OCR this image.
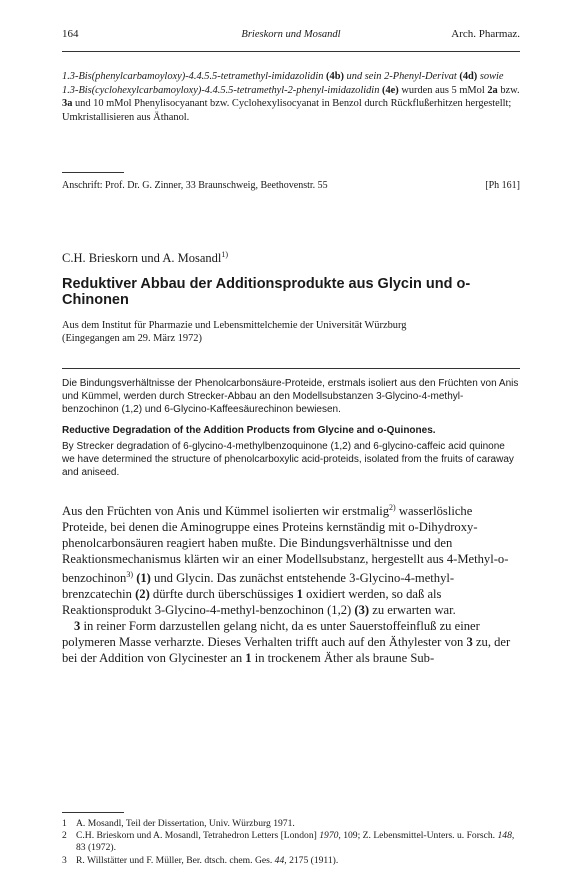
164	Brieskorn und Mosandl	Arch. Pharmaz.
1.3-Bis(phenylcarbamoyloxy)-4.4.5.5-tetramethyl-imidazolidin (4b) und sein 2-Phenyl-Derivat (4d) sowie 1.3-Bis(cyclohexylcarbamoyloxy)-4.4.5.5-tetramethyl-2-phenyl-imidazolidin (4e) wurden aus 5 mMol 2a bzw. 3a und 10 mMol Phenylisocyanant bzw. Cyclohexylisocyanat in Benzol durch Rückflußerhitzen hergestellt; Umkristallisieren aus Äthanol.
Anschrift: Prof. Dr. G. Zinner, 33 Braunschweig, Beethovenstr. 55	[Ph 161]
C.H. Brieskorn und A. Mosandl$^{1)}$
Reduktiver Abbau der Additionsprodukte aus Glycin und o-Chinonen
Aus dem Institut für Pharmazie und Lebensmittelchemie der Universität Würzburg
(Eingegangen am 29. März 1972)
Die Bindungsverhältnisse der Phenolcarbonsäure-Proteide, erstmals isoliert aus den Früchten von Anis und Kümmel, werden durch Strecker-Abbau an den Modellsubstanzen 3-Glycino-4-methyl-benzochinon (1,2) und 6-Glycino-Kaffeesäurechinon bewiesen.
Reductive Degradation of the Addition Products from Glycine and o-Quinones.
By Strecker degradation of 6-glycino-4-methylbenzoquinone (1,2) and 6-glycino-caffeic acid quinone we have determined the structure of phenolcarboxylic acid-proteids, isolated from the fruits of caraway and aniseed.

Aus den Früchten von Anis und Kümmel isolierten wir erstmalig$^{2)}$ wasserlösliche Proteide, bei denen die Aminogruppe eines Proteins kernständig mit o-Dihydroxy-phenolcarbonsäuren reagiert haben mußte. Die Bindungsverhältnisse und den Reaktionsmechanismus klärten wir an einer Modellsubstanz, hergestellt aus 4-Methyl-o-benzochinon$^{3)}$ (1) und Glycin. Das zunächst entstehende 3-Glycino-4-methyl-brenzcatechin (2) dürfte durch überschüssiges 1 oxidiert werden, so daß als Reaktionsprodukt 3-Glycino-4-methyl-benzochinon (1,2) (3) zu erwarten war.

3 in reiner Form darzustellen gelang nicht, da es unter Sauerstoffeinfluß zu einer polymeren Masse verharzte. Dieses Verhalten trifft auch auf den Äthylester von 3 zu, der bei der Addition von Glycinester an 1 in trockenem Äther als braune Sub-

1 A. Mosandl, Teil der Dissertation, Univ. Würzburg 1971.
2 C.H. Brieskorn und A. Mosandl, Tetrahedron Letters [London] 1970, 109; Z. Lebensmittel-Unters. u. Forsch. 148, 83 (1972).
3 R. Willstätter und F. Müller, Ber. dtsch. chem. Ges. 44, 2175 (1911).
